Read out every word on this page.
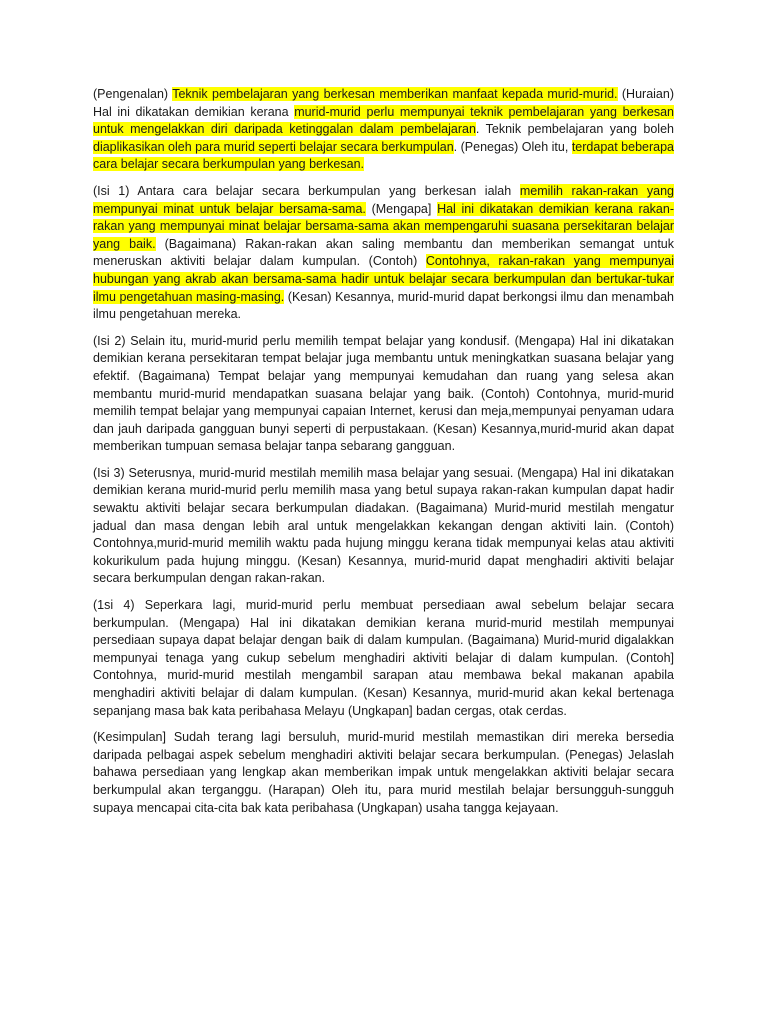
(Pengenalan) Teknik pembelajaran yang berkesan memberikan manfaat kepada murid-murid. (Huraian) Hal ini dikatakan demikian kerana murid-murid perlu mempunyai teknik pembelajaran yang berkesan untuk mengelakkan diri daripada ketinggalan dalam pembelajaran. Teknik pembelajaran yang boleh diaplikasikan oleh para murid seperti belajar secara berkumpulan. (Penegas) Oleh itu, terdapat beberapa cara belajar secara berkumpulan yang berkesan.

(Isi 1) Antara cara belajar secara berkumpulan yang berkesan ialah memilih rakan-rakan yang mempunyai minat untuk belajar bersama-sama. (Mengapa] Hal ini dikatakan demikian kerana rakan-rakan yang mempunyai minat belajar bersama-sama akan mempengaruhi suasana persekitaran belajar yang baik. (Bagaimana) Rakan-rakan akan saling membantu dan memberikan semangat untuk meneruskan aktiviti belajar dalam kumpulan. (Contoh) Contohnya, rakan-rakan yang mempunyai hubungan yang akrab akan bersama-sama hadir untuk belajar secara berkumpulan dan bertukar-tukar ilmu pengetahuan masing-masing. (Kesan) Kesannya, murid-murid dapat berkongsi ilmu dan menambah ilmu pengetahuan mereka.

(Isi 2) Selain itu, murid-murid perlu memilih tempat belajar yang kondusif. (Mengapa) Hal ini dikatakan demikian kerana persekitaran tempat belajar juga membantu untuk meningkatkan suasana belajar yang efektif. (Bagaimana) Tempat belajar yang mempunyai kemudahan dan ruang yang selesa akan membantu murid-murid mendapatkan suasana belajar yang baik. (Contoh) Contohnya, murid-murid memilih tempat belajar yang mempunyai capaian Internet, kerusi dan meja,mempunyai penyaman udara dan jauh daripada gangguan bunyi seperti di perpustakaan. (Kesan) Kesannya,murid-murid akan dapat memberikan tumpuan semasa belajar tanpa sebarang gangguan.

(Isi 3) Seterusnya, murid-murid mestilah memilih masa belajar yang sesuai. (Mengapa) Hal ini dikatakan demikian kerana murid-murid perlu memilih masa yang betul supaya rakan-rakan kumpulan dapat hadir sewaktu aktiviti belajar secara berkumpulan diadakan. (Bagaimana) Murid-murid mestilah mengatur jadual dan masa dengan lebih aral untuk mengelakkan kekangan dengan aktiviti lain. (Contoh) Contohnya,murid-murid memilih waktu pada hujung minggu kerana tidak mempunyai kelas atau aktiviti kokurikulum pada hujung minggu. (Kesan) Kesannya, murid-murid dapat menghadiri aktiviti belajar secara berkumpulan dengan rakan-rakan.

(1si 4) Seperkara lagi, murid-murid perlu membuat persediaan awal sebelum belajar secara berkumpulan. (Mengapa) Hal ini dikatakan demikian kerana murid-murid mestilah mempunyai persediaan supaya dapat belajar dengan baik di dalam kumpulan. (Bagaimana) Murid-murid digalakkan mempunyai tenaga yang cukup sebelum menghadiri aktiviti belajar di dalam kumpulan. (Contoh] Contohnya, murid-murid mestilah mengambil sarapan atau membawa bekal makanan apabila menghadiri aktiviti belajar di dalam kumpulan. (Kesan) Kesannya, murid-murid akan kekal bertenaga sepanjang masa bak kata peribahasa Melayu (Ungkapan] badan cergas, otak cerdas.

(Kesimpulan] Sudah terang lagi bersuluh, murid-murid mestilah memastikan diri mereka bersedia daripada pelbagai aspek sebelum menghadiri aktiviti belajar secara berkumpulan. (Penegas) Jelaslah bahawa persediaan yang lengkap akan memberikan impak untuk mengelakkan aktiviti belajar secara berkumpulal akan terganggu. (Harapan) Oleh itu, para murid mestilah belajar bersungguh-sungguh supaya mencapai cita-cita bak kata peribahasa (Ungkapan) usaha tangga kejayaan.
